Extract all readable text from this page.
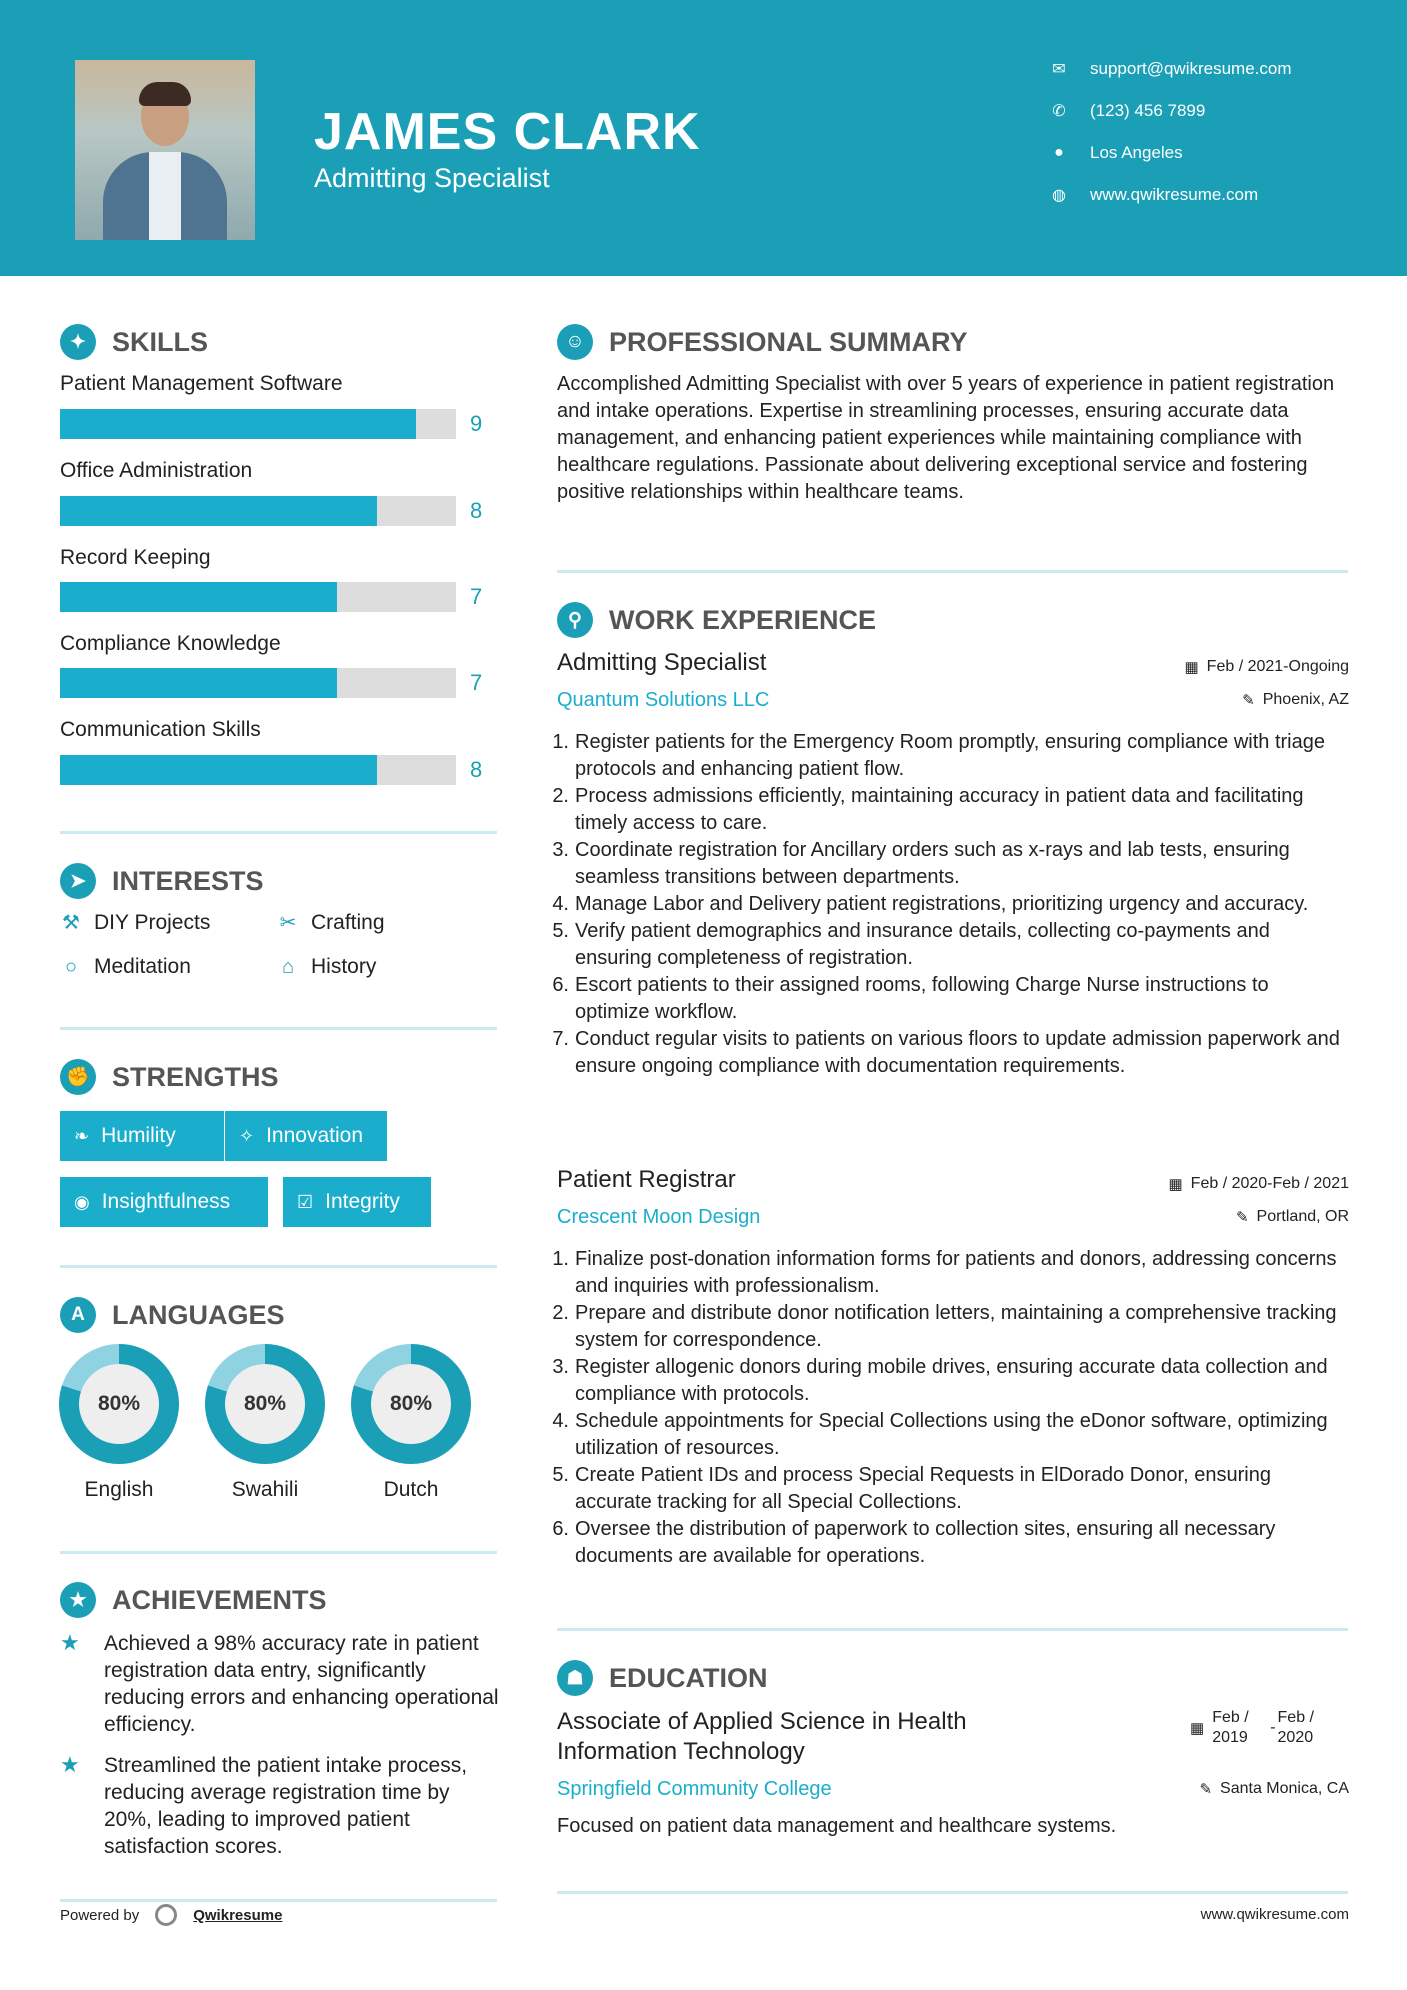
JAMES CLARK
Admitting Specialist
✉ support@qwikresume.com
✆ (123) 456 7899
● Los Angeles
◍ www.qwikresume.com
✦ SKILLS
Patient Management Software
9
Office Administration
8
Record Keeping
7
Compliance Knowledge
7
Communication Skills
8
➤ INTERESTS
⚒ DIY Projects	✂ Crafting
○ Meditation	⌂ History
✊ STRENGTHS
❧ Humility	✧ Innovation
◉ Insightfulness	☑ Integrity
A	LANGUAGES
80%
English
80%
Swahili
80%
Dutch
★ ACHIEVEMENTS
★	Achieved a 98% accuracy rate in patient registration data entry, significantly reducing errors and enhancing operational efficiency.
★	Streamlined the patient intake process, reducing average registration time by 20%, leading to improved patient satisfaction scores.
☺ PROFESSIONAL SUMMARY

Accomplished Admitting Specialist with over 5 years of experience in patient registration and intake operations. Expertise in streamlining processes, ensuring accurate data management, and enhancing patient experiences while maintaining compliance with healthcare regulations. Passionate about delivering exceptional service and fostering positive relationships within healthcare teams.

⚲	WORK EXPERIENCE
Admitting Specialist	▦ Feb / 2021-Ongoing
Quantum Solutions LLC	✎ Phoenix, AZ
1. Register patients for the Emergency Room promptly, ensuring compliance with triage protocols and enhancing patient flow.
2. Process admissions efficiently, maintaining accuracy in patient data and facilitating timely access to care.
3. Coordinate registration for Ancillary orders such as x-rays and lab tests, ensuring seamless transitions between departments.
4. Manage Labor and Delivery patient registrations, prioritizing urgency and accuracy.
5. Verify patient demographics and insurance details, collecting co-payments and ensuring completeness of registration.
6. Escort patients to their assigned rooms, following Charge Nurse instructions to optimize workflow.
7. Conduct regular visits to patients on various floors to update admission paperwork and ensure ongoing compliance with documentation requirements.
Patient Registrar	▦ Feb / 2020-Feb / 2021
Crescent Moon Design	✎ Portland, OR
1. Finalize post-donation information forms for patients and donors, addressing concerns and inquiries with professionalism.
2. Prepare and distribute donor notification letters, maintaining a comprehensive tracking system for correspondence.
3. Register allogenic donors during mobile drives, ensuring accurate data collection and compliance with protocols.
4. Schedule appointments for Special Collections using the eDonor software, optimizing utilization of resources.
5. Create Patient IDs and process Special Requests in ElDorado Donor, ensuring accurate tracking for all Special Collections.
6. Oversee the distribution of paperwork to collection sites, ensuring all necessary documents are available for operations.
☗ EDUCATION
Associate of Applied Science in Health Information Technology
▦
Feb / 2019
-
Feb / 2020
Springfield Community College	✎ Santa Monica, CA

Focused on patient data management and healthcare systems.

Powered by	Qwikresume	www.qwikresume.com
